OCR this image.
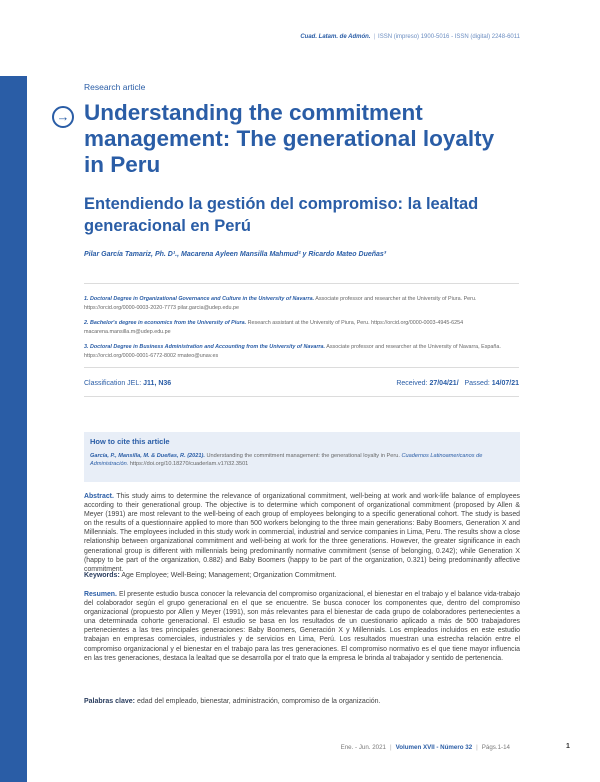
Cuad. Latam. de Admón. | ISSN (impreso) 1900-5016 - ISSN (digital) 2248-6011
Research article
→ Understanding the commitment management: The generational loyalty in Peru
Entendiendo la gestión del compromiso: la lealtad generacional en Perú
Pilar García Tamariz, Ph. D¹., Macarena Ayleen Mansilla Mahmud² y Ricardo Mateo Dueñas³

1. Doctoral Degree in Organizational Governance and Culture in the University of Navarra. Associate professor and researcher at the University of Piura. Peru. https://orcid.org/0000-0003-2020-7773 pilar.garcia@udep.edu.pe

2. Bachelor's degree in economics from the University of Piura. Research assistant at the University of Piura, Peru. https://orcid.org/0000-0003-4945-6254 macarena.mansilla.m@udep.edu.pe

3. Doctoral Degree in Business Administration and Accounting from the University of Navarra. Associate professor and researcher at the University of Navarra, España. https://orcid.org/0000-0001-6772-8002 rmateo@unav.es

Classification JEL: J11, N36	Received: 27/04/21/ Passed: 14/07/21
How to cite this article
García, P., Mansilla, M. & Dueñas, R. (2021). Understanding the commitment management: the generational loyalty in Peru. Cuadernos Latinoamericanos de Administración. https://doi.org/10.18270/cuaderlam.v17i32.3501

Abstract. This study aims to determine the relevance of organizational commitment, well-being at work and work-life balance of employees according to their generational group. The objective is to determine which component of organizational commitment (proposed by Allen & Meyer (1991) are most relevant to the well-being of each group of employees belonging to a specific generational cohort. The study is based on the results of a questionnaire applied to more than 500 workers belonging to the three main generations: Baby Boomers, Generation X and Millennials. The employees included in this study work in commercial, industrial and service companies in Lima, Peru. The results show a close relationship between organizational commitment and well-being at work for the three generations. However, the greater significance in each generational group is different with millennials being predominantly normative commitment (sense of belonging, 0.242); while Generation X (happy to be part of the organization, 0.882) and Baby Boomers (happy to be part of the organization, 0.321) being predominantly affective commitment.

Keywords: Age Employee; Well-Being; Management; Organization Commitment.

Resumen. El presente estudio busca conocer la relevancia del compromiso organizacional, el bienestar en el trabajo y el balance vida-trabajo del colaborador según el grupo generacional en el que se encuentre. Se busca conocer los componentes que, dentro del compromiso organizacional (propuesto por Allen y Meyer (1991), son más relevantes para el bienestar de cada grupo de colaboradores pertenecientes a una determinada cohorte generacional. El estudio se basa en los resultados de un cuestionario aplicado a más de 500 trabajadores pertenecientes a las tres principales generaciones: Baby Boomers, Generación X y Millennials. Los empleados incluidos en este estudio trabajan en empresas comerciales, industriales y de servicios en Lima, Perú. Los resultados muestran una estrecha relación entre el compromiso organizacional y el bienestar en el trabajo para las tres generaciones. El compromiso normativo es el que tiene mayor influencia en las tres generaciones, destaca la lealtad que se desarrolla por el trato que la empresa le brinda al trabajador y sentido de pertenencia.

Palabras clave: edad del empleado, bienestar, administración, compromiso de la organización.

Ene. - Jun. 2021 | Volumen XVII - Número 32 | Págs.1-14	1
